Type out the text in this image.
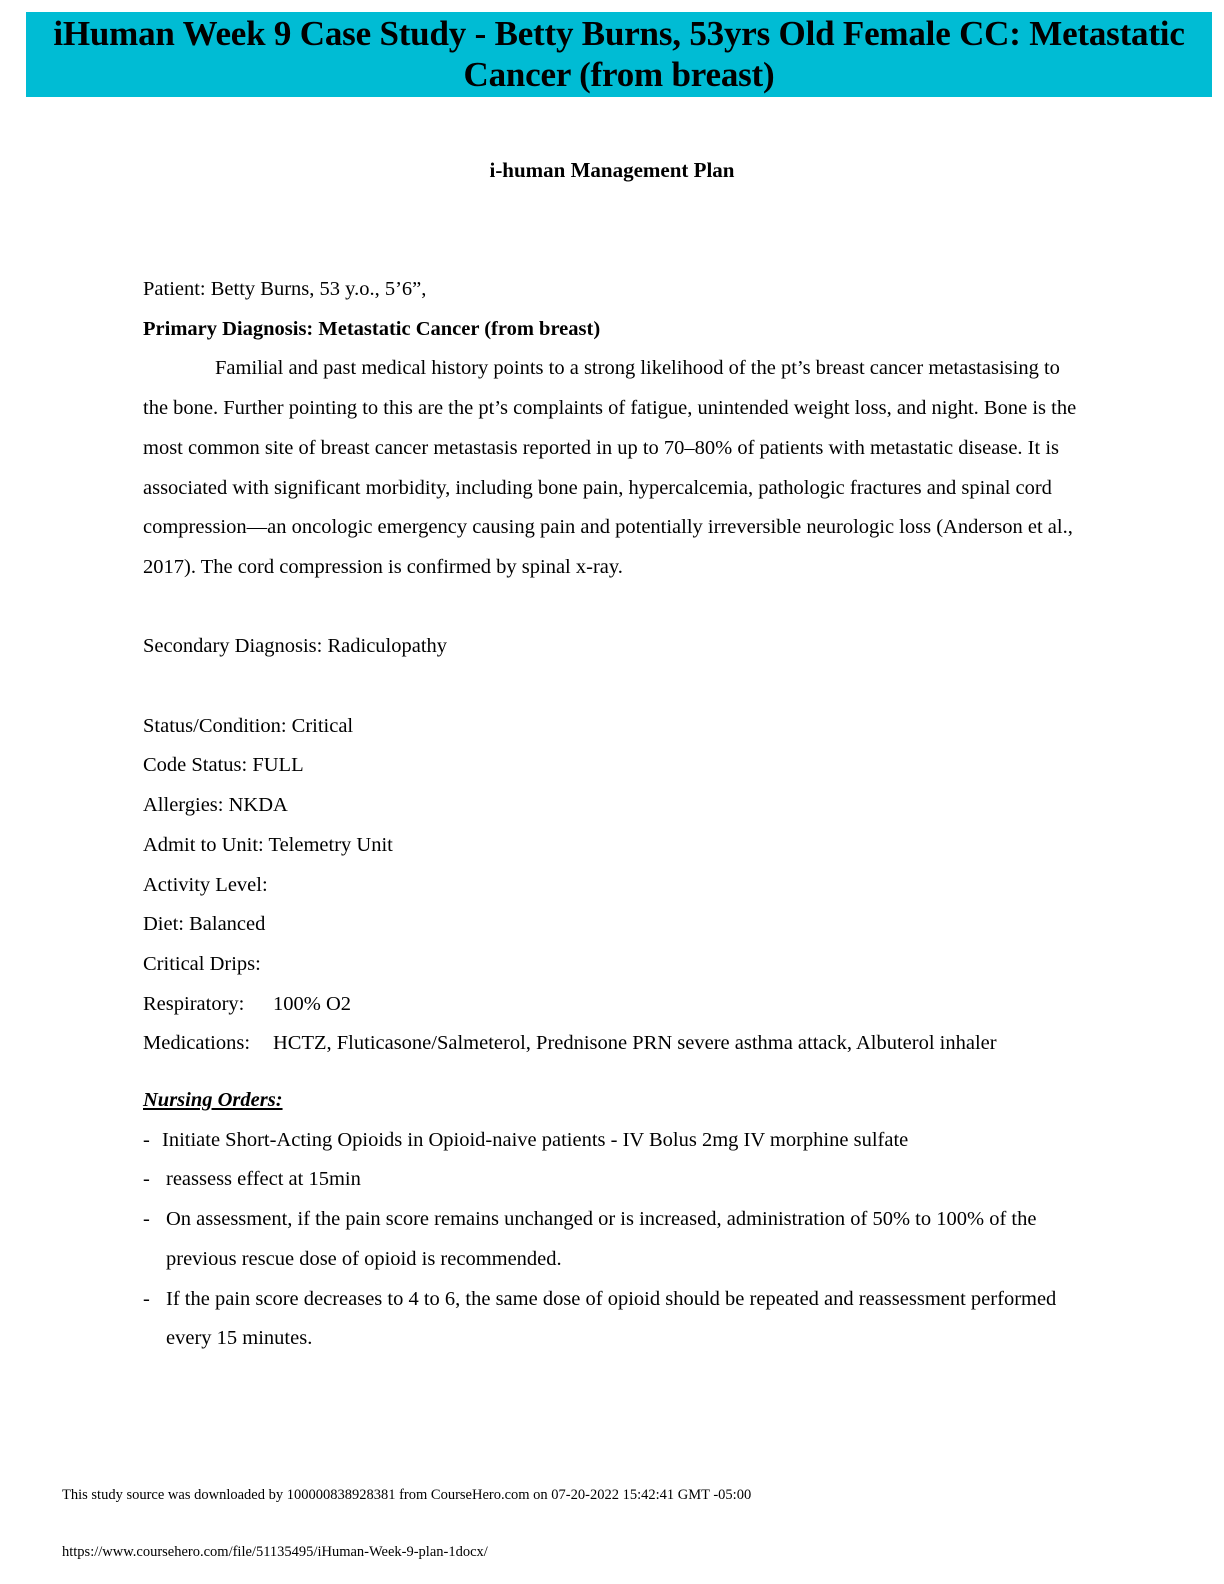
iHuman Week 9 Case Study - Betty Burns, 53yrs Old Female CC: Metastatic
Cancer (from breast)
i-human Management Plan

Patient: Betty Burns, 53 y.o., 5’6”,

Primary Diagnosis: Metastatic Cancer (from breast)

Familial and past medical history points to a strong likelihood of the pt’s breast cancer metastasising to the bone. Further pointing to this are the pt’s complaints of fatigue, unintended weight loss, and night. Bone is the most common site of breast cancer metastasis reported in up to 70–80% of patients with metastatic disease. It is associated with significant morbidity, including bone pain, hypercalcemia, pathologic fractures and spinal cord compression—an oncologic emergency causing pain and potentially irreversible neurologic loss (Anderson et al., 2017). The cord compression is confirmed by spinal x-ray.

Secondary Diagnosis: Radiculopathy

Status/Condition: Critical

Code Status: FULL

Allergies: NKDA

Admit to Unit: Telemetry Unit

Activity Level:

Diet: Balanced

Critical Drips:

Respiratory: 100% O2

Medications: HCTZ, Fluticasone/Salmeterol, Prednisone PRN severe asthma attack, Albuterol inhaler

Nursing Orders:

- Initiate Short-Acting Opioids in Opioid-naive patients - IV Bolus 2mg IV morphine sulfate
- reassess effect at 15min
- On assessment, if the pain score remains unchanged or is increased, administration of 50% to 100% of the previous rescue dose of opioid is recommended.
- If the pain score decreases to 4 to 6, the same dose of opioid should be repeated and reassessment performed every 15 minutes.
This study source was downloaded by 100000838928381 from CourseHero.com on 07-20-2022 15:42:41 GMT -05:00
https://www.coursehero.com/file/51135495/iHuman-Week-9-plan-1docx/
